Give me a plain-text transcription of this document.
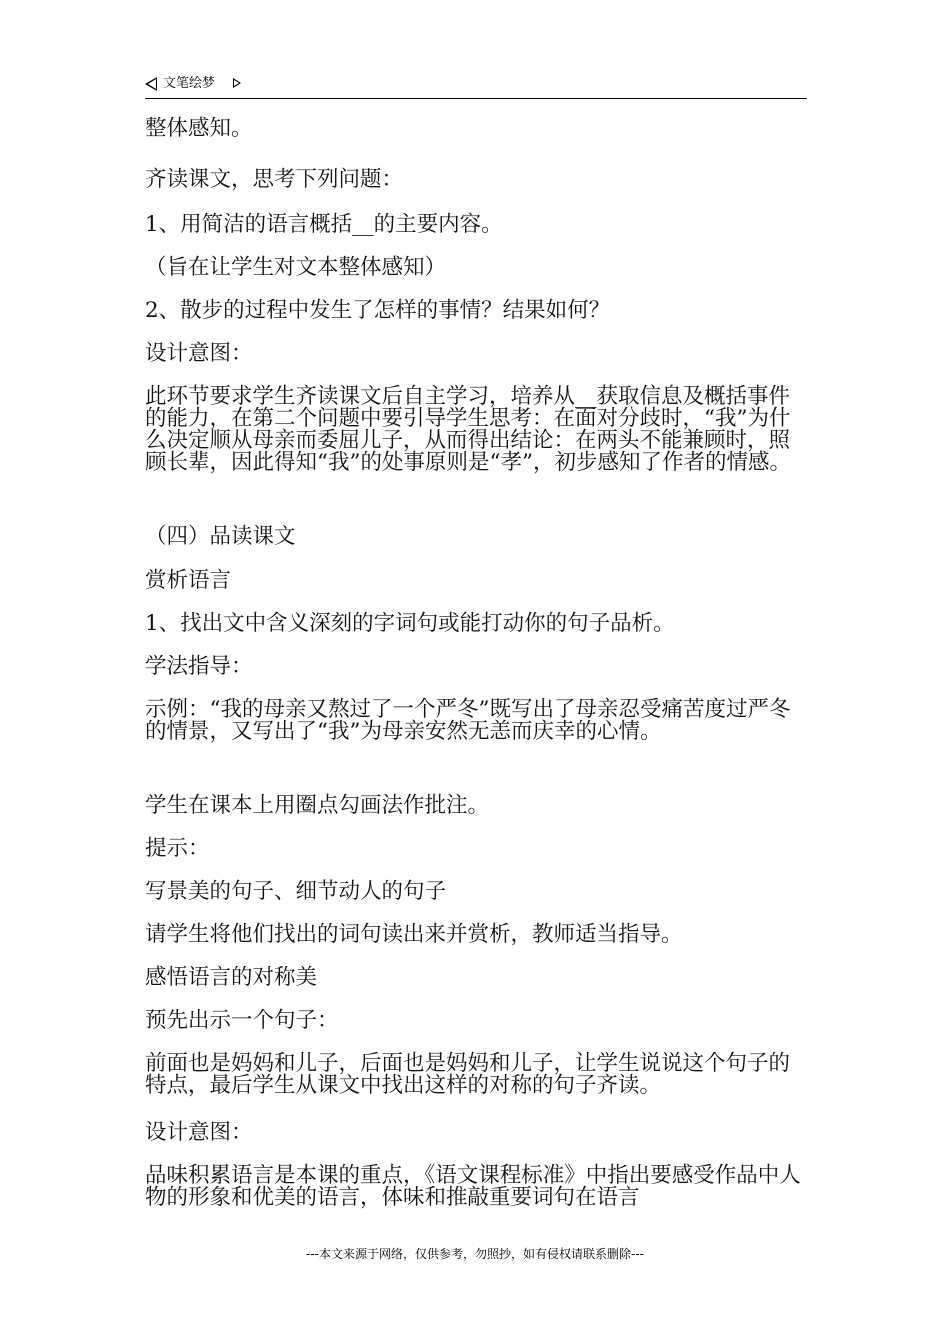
文笔绘梦

整体感知。

齐读课文，思考下列问题：

1、用简洁的语言概括__的主要内容。

（旨在让学生对文本整体感知）

2、散步的过程中发生了怎样的事情？结果如何？

设计意图：

此环节要求学生齐读课文后自主学习，培养从__获取信息及概括事件的能力，在第二个问题中要引导学生思考：在面对分歧时，“我”为什么决定顺从母亲而委屈儿子，从而得出结论：在两头不能兼顾时，照顾长辈，因此得知“我”的处事原则是“孝”，初步感知了作者的情感。

（四）品读课文

赏析语言

1、找出文中含义深刻的字词句或能打动你的句子品析。

学法指导：

示例：“我的母亲又熬过了一个严冬”既写出了母亲忍受痛苦度过严冬的情景，又写出了“我”为母亲安然无恙而庆幸的心情。

学生在课本上用圈点勾画法作批注。

提示：

写景美的句子、细节动人的句子

请学生将他们找出的词句读出来并赏析，教师适当指导。

感悟语言的对称美

预先出示一个句子：

前面也是妈妈和儿子，后面也是妈妈和儿子，让学生说说这个句子的特点，最后学生从课文中找出这样的对称的句子齐读。

设计意图：

品味积累语言是本课的重点，《语文课程标准》中指出要感受作品中人物的形象和优美的语言，体味和推敲重要词句在语言

---本文来源于网络，仅供参考，勿照抄，如有侵权请联系删除---
